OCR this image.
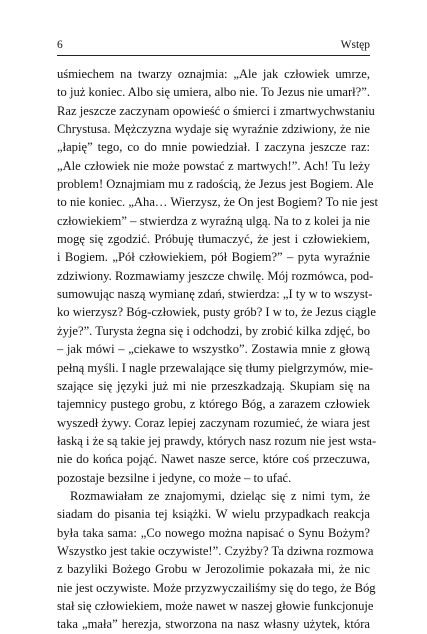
6	Wstęp
uśmiechem na twarzy oznajmia: „Ale jak człowiek umrze,
to już koniec. Albo się umiera, albo nie. To Jezus nie umarł?”.
Raz jeszcze zaczynam opowieść o śmierci i zmartwychwstaniu
Chrystusa. Mężczyzna wydaje się wyraźnie zdziwiony, że nie
„łapię” tego, co do mnie powiedział. I zaczyna jeszcze raz:
„Ale człowiek nie może powstać z martwych!”. Ach! Tu leży
problem! Oznajmiam mu z radością, że Jezus jest Bogiem. Ale
to nie koniec. „Aha… Wierzysz, że On jest Bogiem? To nie jest
człowiekiem” – stwierdza z wyraźną ulgą. Na to z kolei ja nie
mogę się zgodzić. Próbuję tłumaczyć, że jest i człowiekiem,
i Bogiem. „Pół człowiekiem, pół Bogiem?” – pyta wyraźnie
zdziwiony. Rozmawiamy jeszcze chwilę. Mój rozmówca, pod-
sumowując naszą wymianę zdań, stwierdza: „I ty w to wszyst-
ko wierzysz? Bóg-człowiek, pusty grób? I w to, że Jezus ciągle
żyje?”. Turysta żegna się i odchodzi, by zrobić kilka zdjęć, bo
– jak mówi – „ciekawe to wszystko”. Zostawia mnie z głową
pełną myśli. I nagle przewalające się tłumy pielgrzymów, mie-
szające się języki już mi nie przeszkadzają. Skupiam się na
tajemnicy pustego grobu, z którego Bóg, a zarazem człowiek
wyszedł żywy. Coraz lepiej zaczynam rozumieć, że wiara jest
łaską i że są takie jej prawdy, których nasz rozum nie jest wsta-
nie do końca pojąć. Nawet nasze serce, które coś przeczuwa,
pozostaje bezsilne i jedyne, co może – to ufać.
Rozmawiałam ze znajomymi, dzieląc się z nimi tym, że
siadam do pisania tej książki. W wielu przypadkach reakcja
była taka sama: „Co nowego można napisać o Synu Bożym?
Wszystko jest takie oczywiste!”. Czyżby? Ta dziwna rozmowa
z bazyliki Bożego Grobu w Jerozolimie pokazała mi, że nic
nie jest oczywiste. Może przyzwyczailiśmy się do tego, że Bóg
stał się człowiekiem, może nawet w naszej głowie funkcjonuje
taka „mała” herezja, stworzona na nasz własny użytek, która
